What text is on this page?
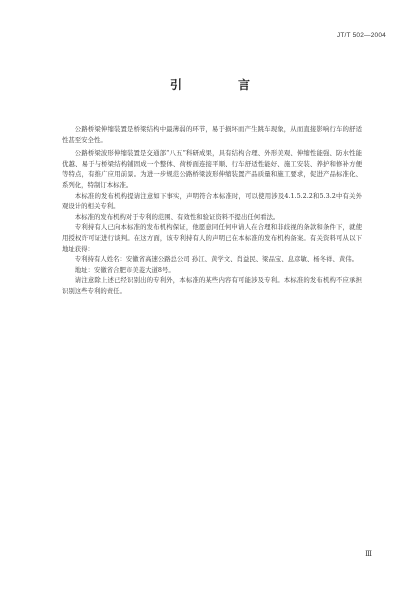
JT/T 502—2004
引　言

公路桥梁伸缩装置是桥梁结构中最薄弱的环节，易于损坏而产生跳车现象，从而直接影响行车的舒适性甚至安全性。

公路桥梁波形伸缩装置是交通部“八五”科研成果，具有结构合理、外形美观、伸缩性能强、防水性能优越、易于与桥梁结构铺固成一个整体、荷桥面连接平顺、行车舒适性能好、施工安装、养护和修补方便等特点，有推广应用前景。为进一步规范公路桥梁波形伸缩装置产品质量和施工要求，促进产品标准化、系列化，特制订本标准。

本标准的发布机构提请注意如下事实，声明符合本标准时，可以使用涉及4.1.5.2.2和5.3.2中有关外观设计的相关专利。

本标准的发布机构对于专利的范围、有效性和验证资料不提出任何看法。

专利持有人已向本标准的发布机构保证，他愿意同任何申请人在合理和非歧视的条款和条件下，就使用授权许可证进行谈判。在这方面，该专利持有人的声明已在本标准的发布机构备案。有关资料可从以下地址获得：

专利持有人姓名：安徽省高速公路总公司 孙江、黄学文、肖益民、梁品宝、息彦敏、杨冬祥、黄伟。

地址：安徽省合肥市美菱大道8号。

请注意除上述已经识别出的专利外，本标准的某些内容有可能涉及专利。本标准的发布机构不应承担识别这些专利的责任。

Ⅲ
